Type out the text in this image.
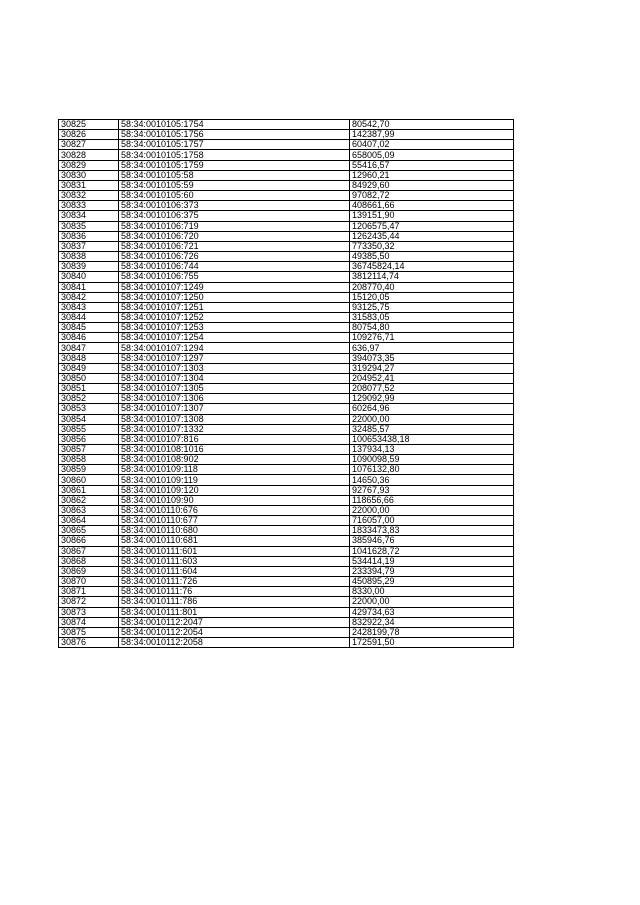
30825	58:34:0010105:1754	80542,70
30826	58:34:0010105:1756	142387,99
30827	58:34:0010105:1757	60407,02
30828	58:34:0010105:1758	658005,09
30829	58:34:0010105:1759	55416,57
30830	58:34:0010105:58	12960,21
30831	58:34:0010105:59	84929,60
30832	58:34:0010105:60	97082,72
30833	58:34:0010106:373	408661,66
30834	58:34:0010106:375	139151,90
30835	58:34:0010106:719	1206575,47
30836	58:34:0010106:720	1262435,44
30837	58:34:0010106:721	773350,32
30838	58:34:0010106:726	49385,50
30839	58:34:0010106:744	36745824,14
30840	58:34:0010106:755	3812114,74
30841	58:34:0010107:1249	208770,40
30842	58:34:0010107:1250	15120,05
30843	58:34:0010107:1251	93125,75
30844	58:34:0010107:1252	31583,05
30845	58:34:0010107:1253	80754,80
30846	58:34:0010107:1254	109276,71
30847	58:34:0010107:1294	636,97
30848	58:34:0010107:1297	394073,35
30849	58:34:0010107:1303	319294,27
30850	58:34:0010107:1304	204952,41
30851	58:34:0010107:1305	208077,52
30852	58:34:0010107:1306	129092,99
30853	58:34:0010107:1307	60264,96
30854	58:34:0010107:1308	22000,00
30855	58:34:0010107:1332	32485,57
30856	58:34:0010107:816	100653438,18
30857	58:34:0010108:1016	137934,13
30858	58:34:0010108:902	1090098,59
30859	58:34:0010109:118	1076132,80
30860	58:34:0010109:119	14650,36
30861	58:34:0010109:120	92767,93
30862	58:34:0010109:90	118656,66
30863	58:34:0010110:676	22000,00
30864	58:34:0010110:677	716057,00
30865	58:34:0010110:680	1833473,83
30866	58:34:0010110:681	385946,76
30867	58:34:0010111:601	1041628,72
30868	58:34:0010111:603	534414,19
30869	58:34:0010111:604	233394,79
30870	58:34:0010111:726	450895,29
30871	58:34:0010111:76	8330,00
30872	58:34:0010111:786	22000,00
30873	58:34:0010111:801	429734,63
30874	58:34:0010112:2047	832922,34
30875	58:34:0010112:2054	2428199,78
30876	58:34:0010112:2058	172591,50
